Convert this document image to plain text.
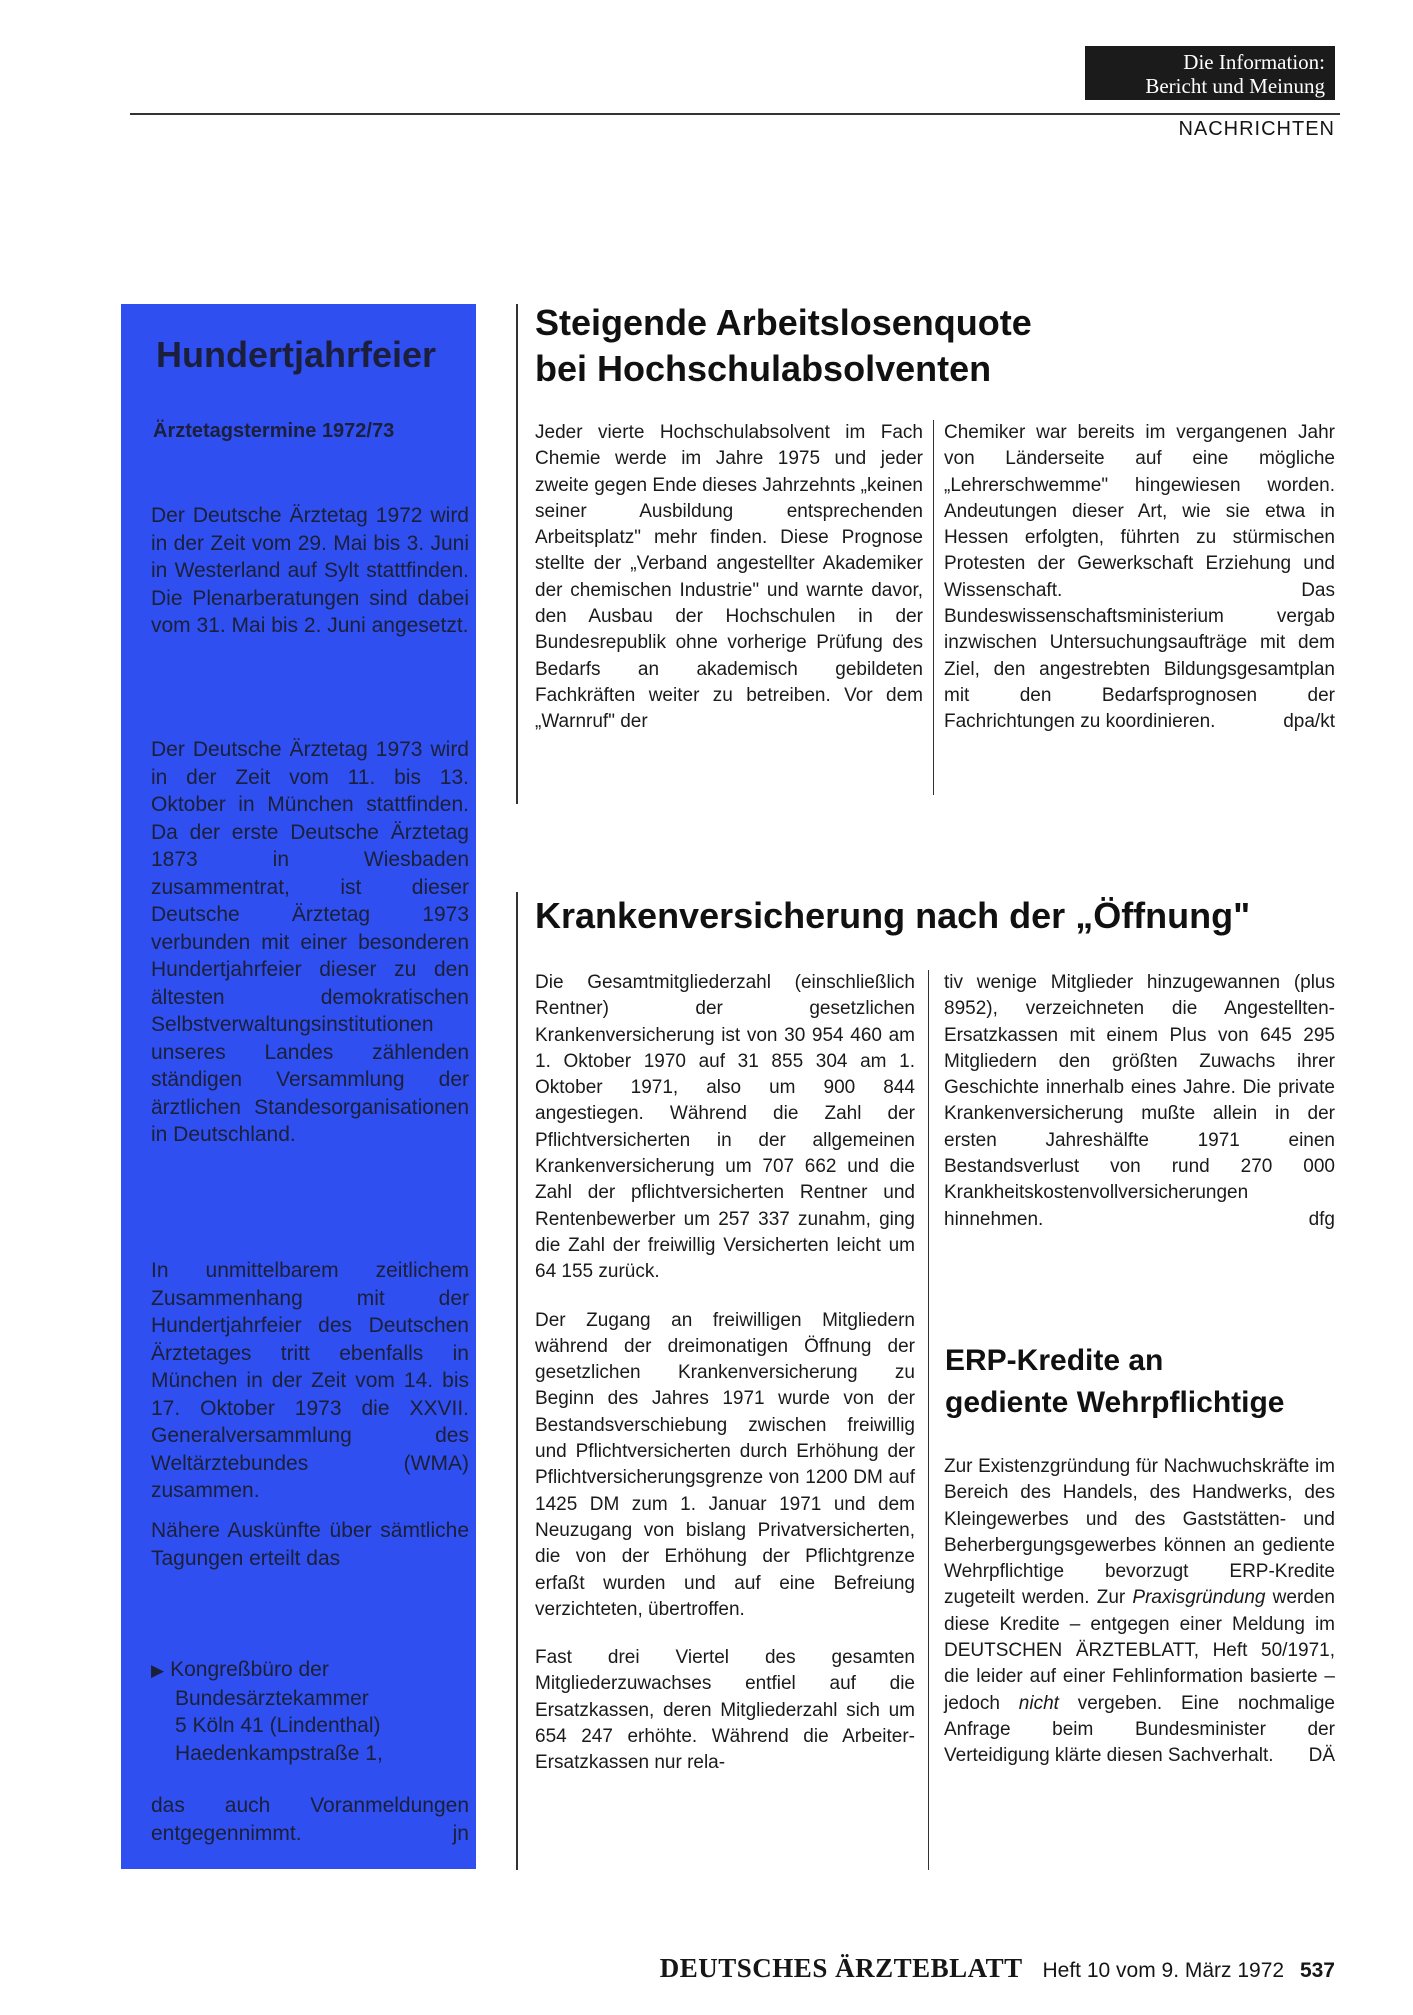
Die Information:
Bericht und Meinung
NACHRICHTEN
Hundertjahrfeier
Ärztetagstermine 1972/73
Der Deutsche Ärztetag 1972 wird in der Zeit vom 29. Mai bis 3. Juni in Westerland auf Sylt stattfinden. Die Plenarberatungen sind dabei vom 31. Mai bis 2. Juni angesetzt.
Der Deutsche Ärztetag 1973 wird in der Zeit vom 11. bis 13. Oktober in München stattfinden. Da der erste Deutsche Ärztetag 1873 in Wiesbaden zusammentrat, ist dieser Deutsche Ärztetag 1973 verbunden mit einer besonderen Hundertjahrfeier dieser zu den ältesten demokratischen Selbstverwaltungsinstitutionen unseres Landes zählenden ständigen Versammlung der ärztlichen Standesorganisationen in Deutschland.
In unmittelbarem zeitlichem Zusammenhang mit der Hundertjahrfeier des Deutschen Ärztetages tritt ebenfalls in München in der Zeit vom 14. bis 17. Oktober 1973 die XXVII. Generalversammlung des Weltärztebundes (WMA) zusammen.
Nähere Auskünfte über sämtliche Tagungen erteilt das
▶ Kongreßbüro der
Bundesärztekammer
5 Köln 41 (Lindenthal)
Haedenkampstraße 1,
das auch Voranmeldungen entgegennimmt.	jn
Steigende Arbeitslosenquote
bei Hochschulabsolventen
Jeder vierte Hochschulabsolvent im Fach Chemie werde im Jahre 1975 und jeder zweite gegen Ende dieses Jahrzehnts „keinen seiner Ausbildung entsprechenden Arbeitsplatz" mehr finden. Diese Prognose stellte der „Verband angestellter Akademiker der chemischen Industrie" und warnte davor, den Ausbau der Hochschulen in der Bundesrepublik ohne vorherige Prüfung des Bedarfs an akademisch gebildeten Fachkräften weiter zu betreiben. Vor dem „Warnruf" der
Chemiker war bereits im vergangenen Jahr von Länderseite auf eine mögliche „Lehrerschwemme" hingewiesen worden. Andeutungen dieser Art, wie sie etwa in Hessen erfolgten, führten zu stürmischen Protesten der Gewerkschaft Erziehung und Wissenschaft. Das Bundeswissenschaftsministerium vergab inzwischen Untersuchungsaufträge mit dem Ziel, den angestrebten Bildungsgesamtplan mit den Bedarfsprognosen der Fachrichtungen zu koordinieren.	dpa/kt
Krankenversicherung nach der „Öffnung"

Die Gesamtmitgliederzahl (einschließlich Rentner) der gesetzlichen Krankenversicherung ist von 30 954 460 am 1. Oktober 1970 auf 31 855 304 am 1. Oktober 1971, also um 900 844 angestiegen. Während die Zahl der Pflichtversicherten in der allgemeinen Krankenversicherung um 707 662 und die Zahl der pflichtversicherten Rentner und Rentenbewerber um 257 337 zunahm, ging die Zahl der freiwillig Versicherten leicht um 64 155 zurück.

Der Zugang an freiwilligen Mitgliedern während der dreimonatigen Öffnung der gesetzlichen Krankenversicherung zu Beginn des Jahres 1971 wurde von der Bestandsverschiebung zwischen freiwillig und Pflichtversicherten durch Erhöhung der Pflichtversicherungsgrenze von 1200 DM auf 1425 DM zum 1. Januar 1971 und dem Neuzugang von bislang Privatversicherten, die von der Erhöhung der Pflichtgrenze erfaßt wurden und auf eine Befreiung verzichteten, übertroffen.

Fast drei Viertel des gesamten Mitgliederzuwachses entfiel auf die Ersatzkassen, deren Mitgliederzahl sich um 654 247 erhöhte. Während die Arbeiter-Ersatzkassen nur rela-

tiv wenige Mitglieder hinzugewannen (plus 8952), verzeichneten die Angestellten-Ersatzkassen mit einem Plus von 645 295 Mitgliedern den größten Zuwachs ihrer Geschichte innerhalb eines Jahre. Die private Krankenversicherung mußte allein in der ersten Jahreshälfte 1971 einen Bestandsverlust von rund 270 000 Krankheitskostenvollversicherungen hinnehmen.	dfg
ERP-Kredite an
gediente Wehrpflichtige
Zur Existenzgründung für Nachwuchskräfte im Bereich des Handels, des Handwerks, des Kleingewerbes und des Gaststätten- und Beherbergungsgewerbes können an gediente Wehrpflichtige bevorzugt ERP-Kredite zugeteilt werden. Zur Praxisgründung werden diese Kredite – entgegen einer Meldung im DEUTSCHEN ÄRZTEBLATT, Heft 50/1971, die leider auf einer Fehlinformation basierte – jedoch nicht vergeben. Eine nochmalige Anfrage beim Bundesminister der Verteidigung klärte diesen Sachverhalt. DÄ
DEUTSCHES ÄRZTEBLATT Heft 10 vom 9. März 1972 537
